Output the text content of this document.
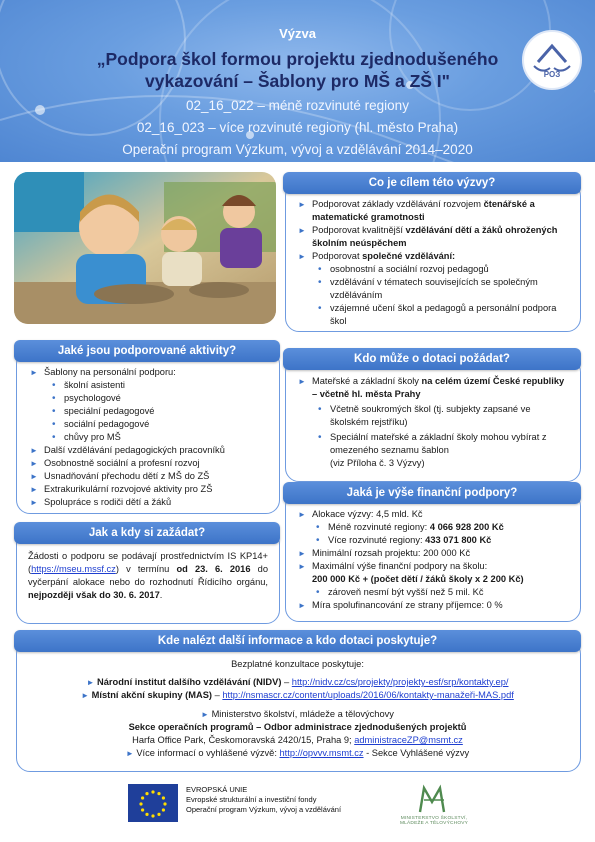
Výzva
„Podpora škol formou projektu zjednodušeného
vykazování – Šablony pro MŠ a ZŠ I"
02_16_022 – méně rozvinuté regiony
02_16_023 – více rozvinuté regiony (hl. město Praha)
Operační program Výzkum, vývoj a vzdělávání 2014–2020
РОЗ
Co je cílem této výzvy?
► Podporovat základy vzdělávání rozvojem čtenářské a matematické gramotnosti
► Podporovat kvalitnější vzdělávání dětí a žáků ohrožených školním neúspěchem
► Podporovat společné vzdělávání:
• osobnostní a sociální rozvoj pedagogů
• vzdělávání v tématech souvisejících se společným vzděláváním
• vzájemné učení škol a pedagogů a personální podpora škol
Jaké jsou podporované aktivity?
► Šablony na personální podporu:
• školní asistenti
• psychologové
• speciální pedagogové
• sociální pedagogové
• chůvy pro MŠ
► Další vzdělávání pedagogických pracovníků
► Osobnostně sociální a profesní rozvoj
► Usnadňování přechodu dětí z MŠ do ZŠ
► Extrakurikulární rozvojové aktivity pro ZŠ
► Spolupráce s rodiči dětí a žáků
Kdo může o dotaci požádat?
► Mateřské a základní školy na celém území České republiky – včetně hl. města Prahy
• Včetně soukromých škol (tj. subjekty zapsané ve školském rejstříku)
• Speciální mateřské a základní školy mohou vybírat z omezeného seznamu šablon
(viz Příloha č. 3 Výzvy)
Jak a kdy si zažádat?
Žádosti o podporu se podávají prostřednictvím IS KP14+ (https://mseu.mssf.cz) v termínu od 23. 6. 2016 do vyčerpání alokace nebo do rozhodnutí Řídicího orgánu, nejpozději však do 30. 6. 2017.
Jaká je výše finanční podpory?
► Alokace výzvy: 4,5 mld. Kč
• Méně rozvinuté regiony: 4 066 928 200 Kč
• Více rozvinuté regiony: 433 071 800 Kč
► Minimální rozsah projektu: 200 000 Kč
► Maximální výše finanční podpory na školu:
200 000 Kč + (počet dětí / žáků školy x 2 200 Kč)
• zároveň nesmí být vyšší než 5 mil. Kč
► Míra spolufinancování ze strany příjemce: 0 %
Kde nalézt další informace a kdo dotaci poskytuje?
Bezplatné konzultace poskytuje:
► Národní institut dalšího vzdělávání (NIDV) – http://nidv.cz/cs/projekty/projekty-esf/srp/kontakty.ep/
► Místní akční skupiny (MAS) – http://nsmascr.cz/content/uploads/2016/06/kontakty-manažeři-MAS.pdf
► Ministerstvo školství, mládeže a tělovýchovy
Sekce operačních programů – Odbor administrace zjednodušených projektů
Harfa Office Park, Českomoravská 2420/15, Praha 9; administraceZP@msmt.cz
► Více informací o vyhlášené výzvě: http://opvvv.msmt.cz - Sekce Vyhlášené výzvy
EVROPSKÁ UNIE
Evropské strukturální a investiční fondy
Operační program Výzkum, vývoj a vzdělávání
MINISTERSTVO ŠKOLSTVÍ, MLÁDEŽE A TĚLOVÝCHOVY
